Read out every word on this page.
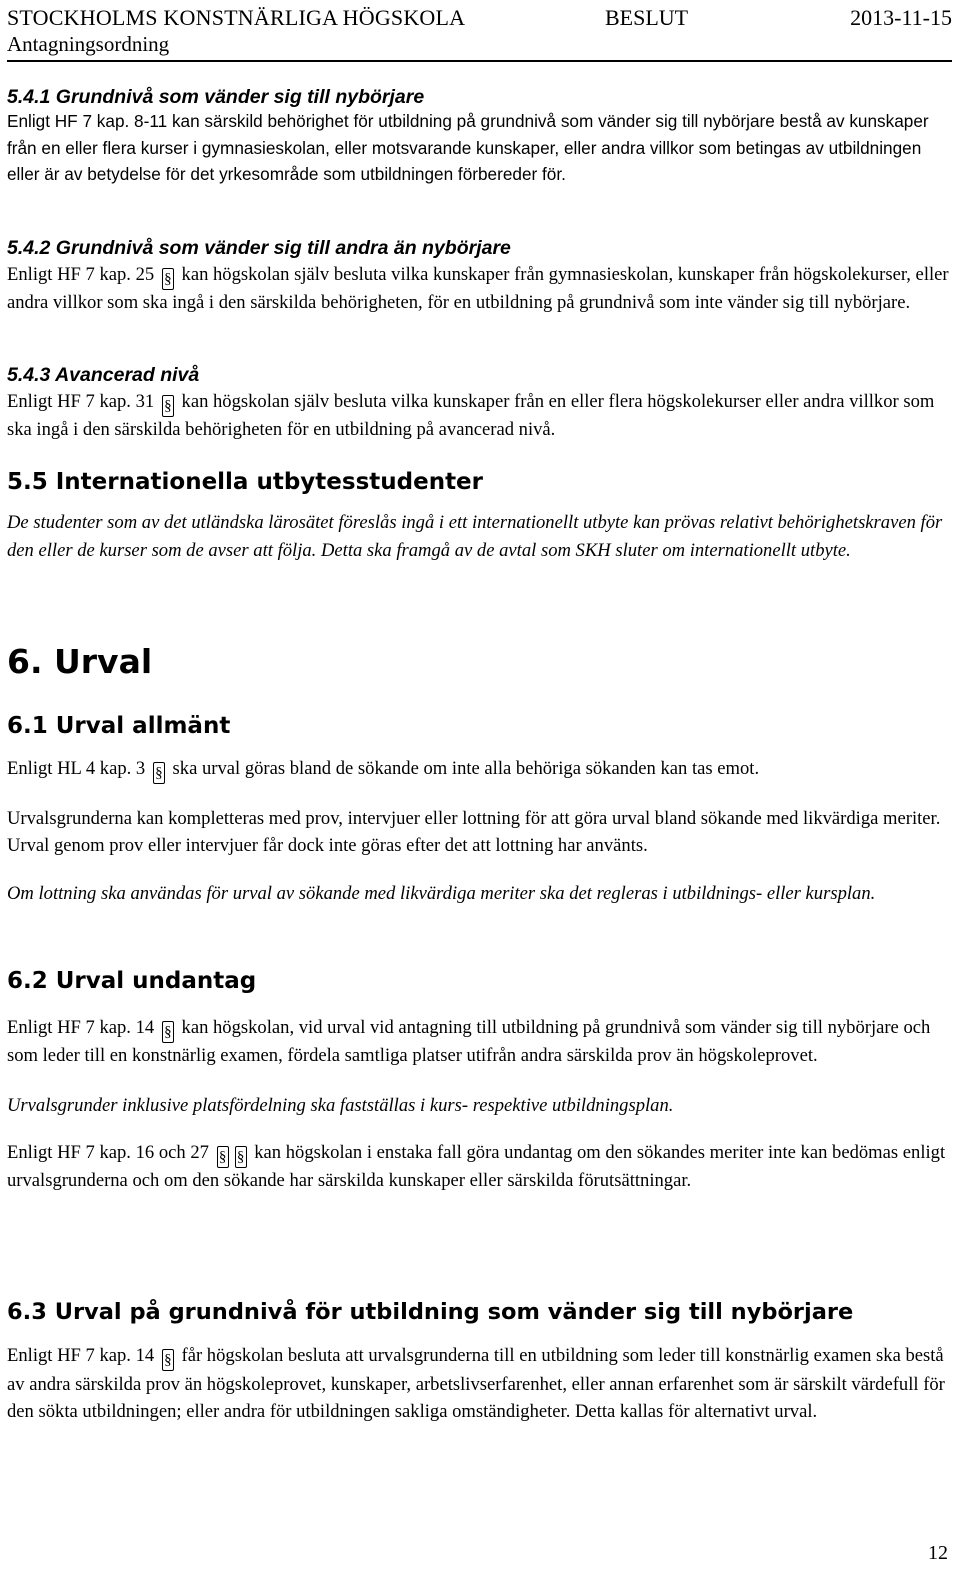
STOCKHOLMS KONSTNÄRLIGA HÖGSKOLA
Antagningsordning
BESLUT	2013-11-15
5.4.1 Grundnivå som vänder sig till nybörjare

Enligt HF 7 kap. 8-11 kan särskild behörighet för utbildning på grundnivå som vänder sig till nybörjare bestå av kunskaper från en eller flera kurser i gymnasieskolan, eller motsvarande kunskaper, eller andra villkor som betingas av utbildningen eller är av betydelse för det yrkesområde som utbildningen förbereder för.

5.4.2 Grundnivå som vänder sig till andra än nybörjare

Enligt HF 7 kap. 25 § kan högskolan själv besluta vilka kunskaper från gymnasieskolan, kunskaper från högskolekurser, eller andra villkor som ska ingå i den särskilda behörigheten, för en utbildning på grundnivå som inte vänder sig till nybörjare.

5.4.3 Avancerad nivå

Enligt HF 7 kap. 31 § kan högskolan själv besluta vilka kunskaper från en eller flera högskolekurser eller andra villkor som ska ingå i den särskilda behörigheten för en utbildning på avancerad nivå.

5.5 Internationella utbytesstudenter

De studenter som av det utländska lärosätet föreslås ingå i ett internationellt utbyte kan prövas relativt behörighetskraven för den eller de kurser som de avser att följa. Detta ska framgå av de avtal som SKH sluter om internationellt utbyte.

6. Urval
6.1 Urval allmänt

Enligt HL 4 kap. 3 § ska urval göras bland de sökande om inte alla behöriga sökanden kan tas emot.

Urvalsgrunderna kan kompletteras med prov, intervjuer eller lottning för att göra urval bland sökande med likvärdiga meriter. Urval genom prov eller intervjuer får dock inte göras efter det att lottning har använts.

Om lottning ska användas för urval av sökande med likvärdiga meriter ska det regleras i utbildnings- eller kursplan.

6.2 Urval undantag

Enligt HF 7 kap. 14 § kan högskolan, vid urval vid antagning till utbildning på grundnivå som vänder sig till nybörjare och som leder till en konstnärlig examen, fördela samtliga platser utifrån andra särskilda prov än högskoleprovet.

Urvalsgrunder inklusive platsfördelning ska fastställas i kurs- respektive utbildningsplan.

Enligt HF 7 kap. 16 och 27 § § kan högskolan i enstaka fall göra undantag om den sökandes meriter inte kan bedömas enligt urvalsgrunderna och om den sökande har särskilda kunskaper eller särskilda förutsättningar.

6.3 Urval på grundnivå för utbildning som vänder sig till nybörjare

Enligt HF 7 kap. 14 § får högskolan besluta att urvalsgrunderna till en utbildning som leder till konstnärlig examen ska bestå av andra särskilda prov än högskoleprovet, kunskaper, arbetslivserfarenhet, eller annan erfarenhet som är särskilt värdefull för den sökta utbildningen; eller andra för utbildningen sakliga omständigheter. Detta kallas för alternativt urval.

12
